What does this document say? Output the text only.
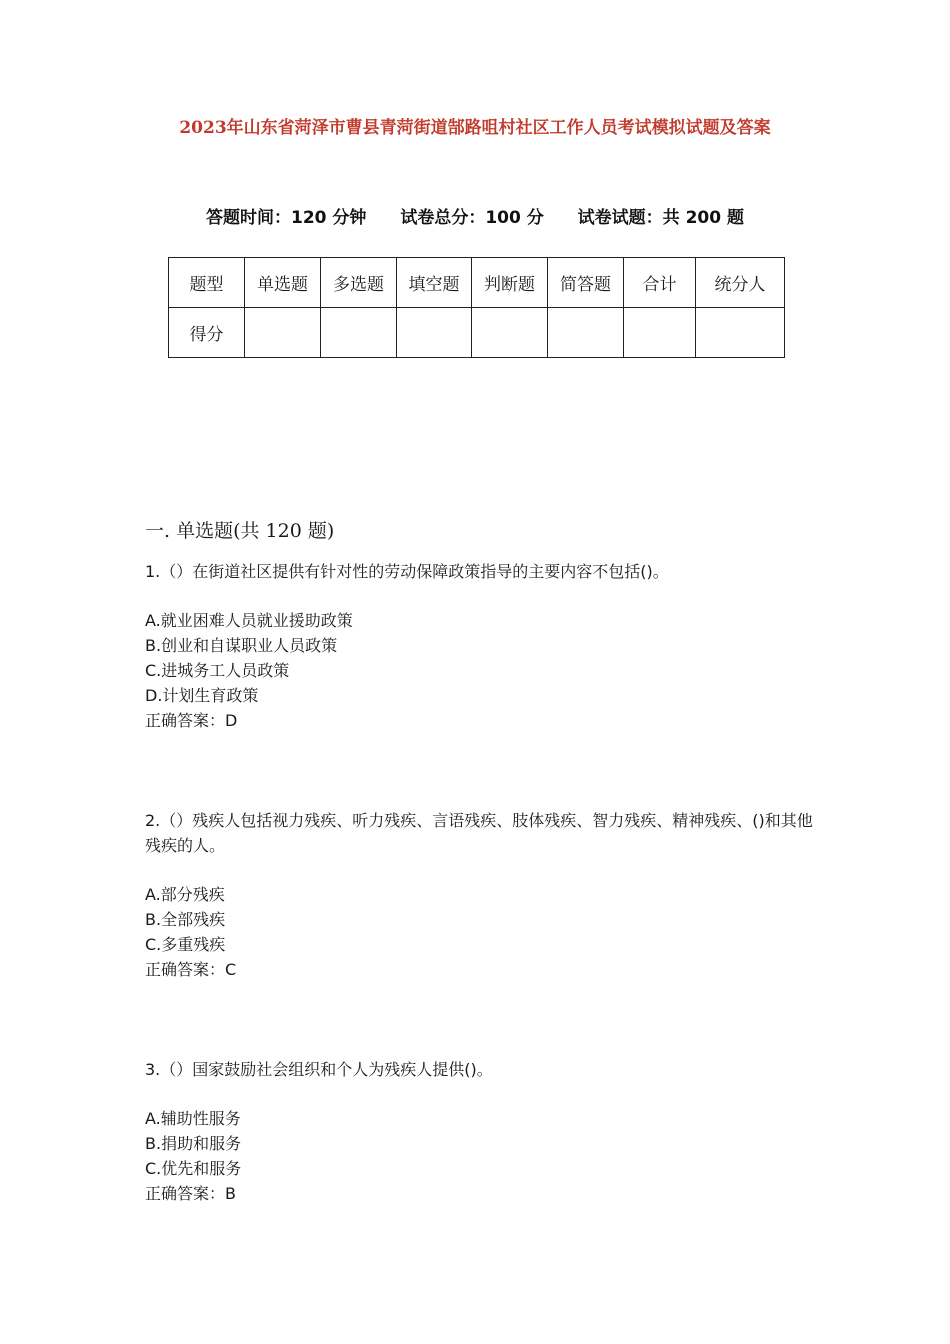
2023年山东省菏泽市曹县青菏街道郜路咀村社区工作人员考试模拟试题及答案
答题时间：120 分钟 试卷总分：100 分 试卷试题：共 200 题
题型	单选题	多选题	填空题	判断题	简答题	合计	统分人
得分							
一. 单选题(共 120 题)

1.（）在街道社区提供有针对性的劳动保障政策指导的主要内容不包括()。

A.就业困难人员就业援助政策
B.创业和自谋职业人员政策
C.进城务工人员政策
D.计划生育政策

正确答案：D

2.（）残疾人包括视力残疾、听力残疾、言语残疾、肢体残疾、智力残疾、精神残疾、()和其他残疾的人。

A.部分残疾
B.全部残疾
C.多重残疾

正确答案：C

3.（）国家鼓励社会组织和个人为残疾人提供()。

A.辅助性服务
B.捐助和服务
C.优先和服务

正确答案：B
